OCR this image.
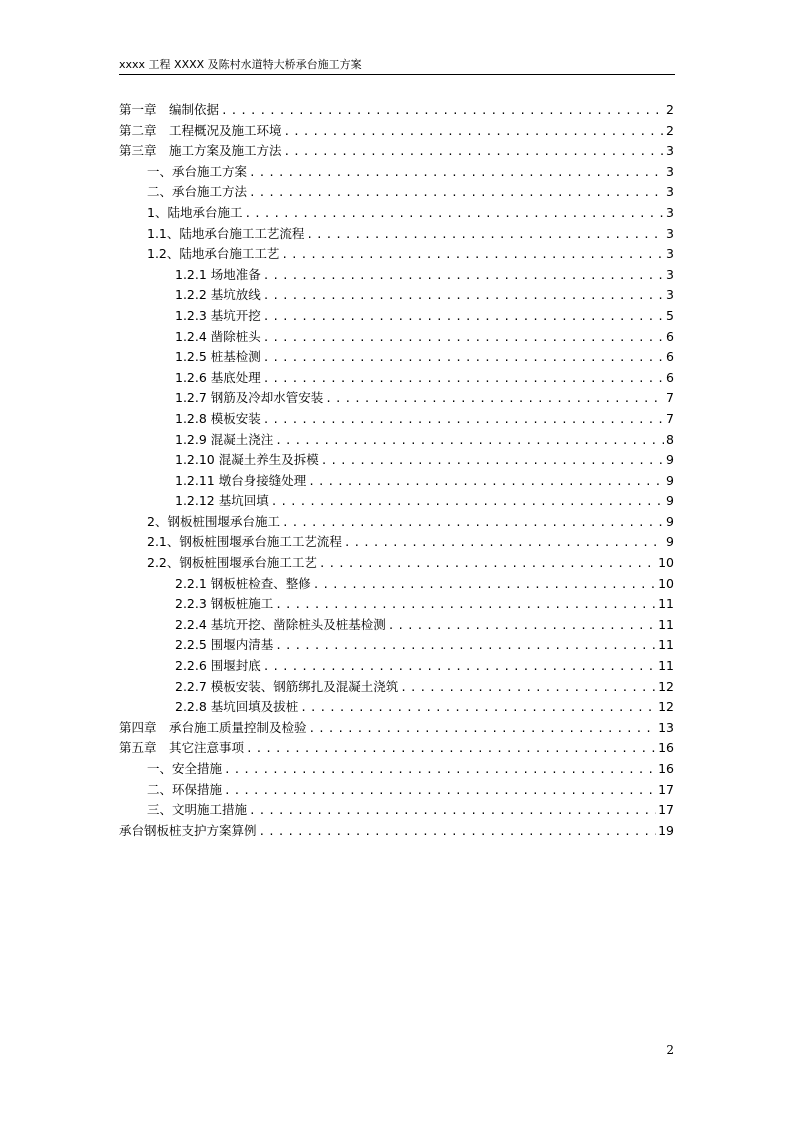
xxxx 工程 XXXX 及陈村水道特大桥承台施工方案
第一章　编制依据 .....	2
第二章　工程概况及施工环境 .....	2
第三章　施工方案及施工方法 .....	3
一、承台施工方案 .....	3
二、承台施工方法 .....	3
1、陆地承台施工 .....	3
1.1、陆地承台施工工艺流程 .....	3
1.2、陆地承台施工工艺 .....	3
1.2.1 场地准备 .....	3
1.2.2 基坑放线 .....	3
1.2.3 基坑开挖 .....	5
1.2.4 凿除桩头 .....	6
1.2.5 桩基检测 .....	6
1.2.6 基底处理 .....	6
1.2.7 钢筋及冷却水管安装 .....	7
1.2.8 模板安装 .....	7
1.2.9 混凝土浇注 .....	8
1.2.10 混凝土养生及拆模 .....	9
1.2.11 墩台身接缝处理 .....	9
1.2.12 基坑回填 .....	9
2、钢板桩围堰承台施工 .....	9
2.1、钢板桩围堰承台施工工艺流程 .....	9
2.2、钢板桩围堰承台施工工艺 .....	10
2.2.1 钢板桩检查、整修 .....	10
2.2.3 钢板桩施工 .....	11
2.2.4 基坑开挖、凿除桩头及桩基检测 .....	11
2.2.5 围堰内清基 .....	11
2.2.6 围堰封底 .....	11
2.2.7 模板安装、钢筋绑扎及混凝土浇筑 .....	12
2.2.8 基坑回填及拔桩 .....	12
第四章　承台施工质量控制及检验 .....	13
第五章　其它注意事项 .....	16
一、安全措施 .....	16
二、环保措施 .....	17
三、文明施工措施 .....	17
承台钢板桩支护方案算例 .....	19
2
